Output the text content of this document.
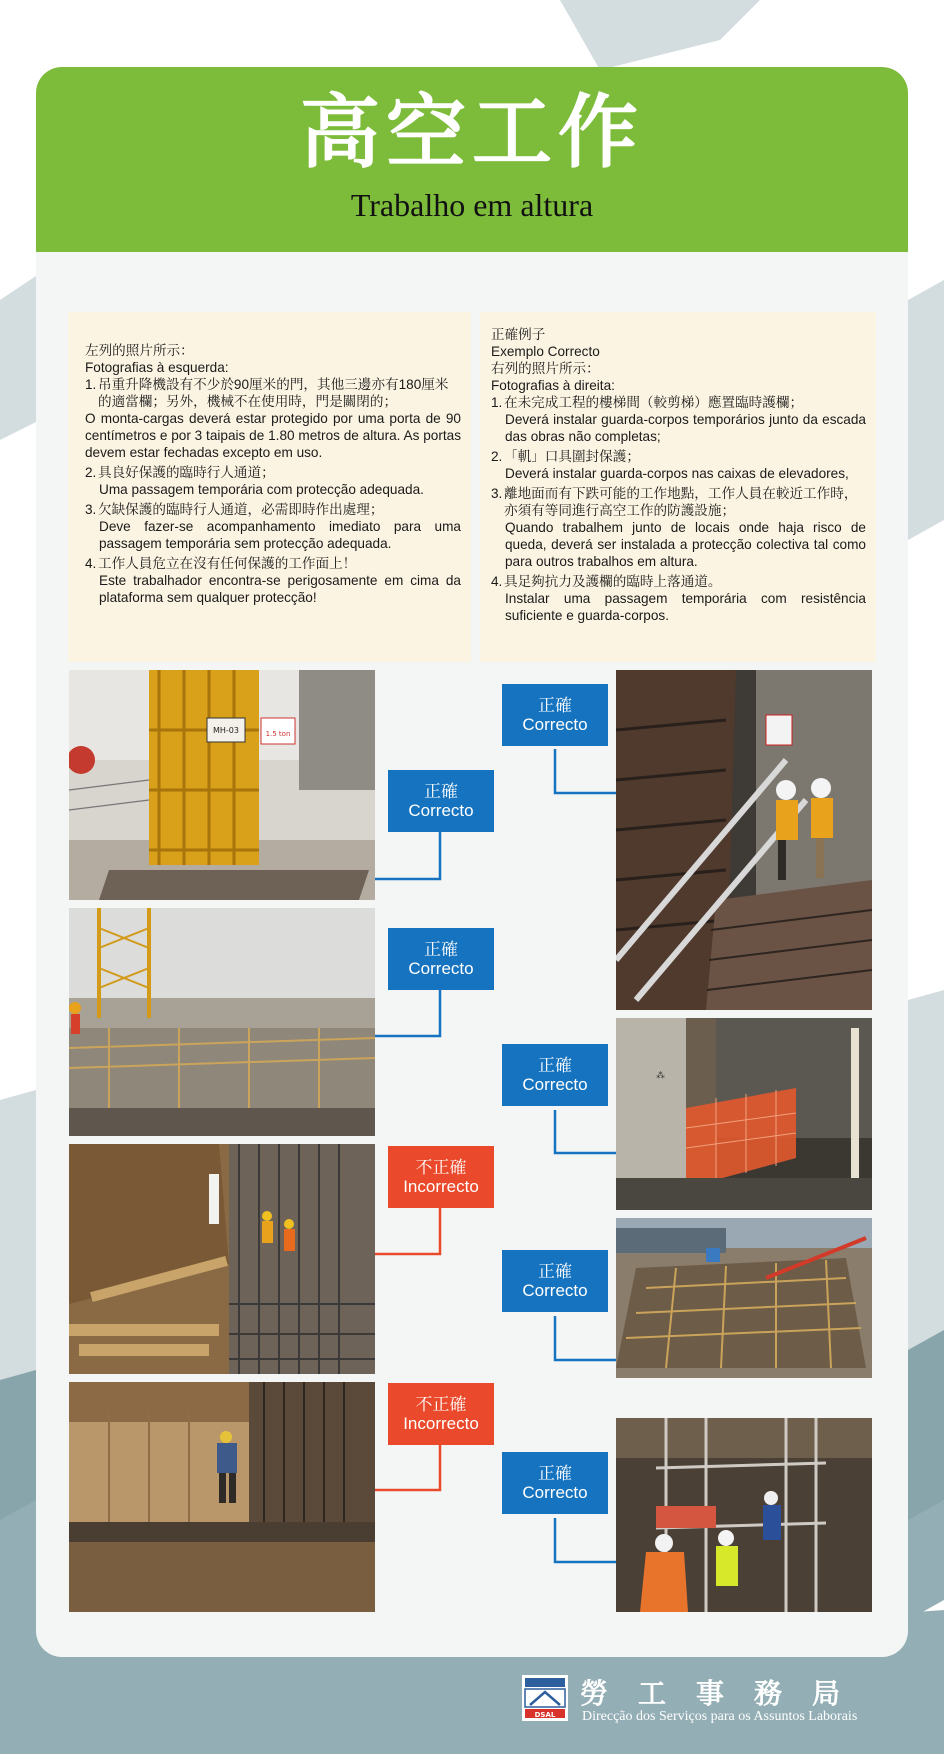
高空工作
Trabalho em altura
左列的照片所示：
Fotografias à esquerda:
1. 吊重升降機設有不少於90厘米的門，其他三邊亦有180厘米的適當欄；另外，機械不在使用時，門是關閉的；
O monta-cargas deverá estar protegido por uma porta de 90 centímetros e por 3 taipais de 1.80 metros de altura. As portas devem estar fechadas excepto em uso.
2. 具良好保護的臨時行人通道；
Uma passagem temporária com protecção adequada.
3. 欠缺保護的臨時行人通道，必需即時作出處理；
Deve fazer-se acompanhamento imediato para uma passagem temporária sem protecção adequada.
4. 工作人員危立在沒有任何保護的工作面上！
Este trabalhador encontra-se perigosamente em cima da plataforma sem qualquer protecção!
正確例子
Exemplo Correcto
右列的照片所示：
Fotografias à direita:
1. 在未完成工程的樓梯間（較剪梯）應置臨時護欄；
Deverá instalar guarda-corpos temporários junto da escada das obras não completas;
2. 「䡄」口具圍封保護；
Deverá instalar guarda-corpos nas caixas de elevadores,
3. 離地面而有下跌可能的工作地點，工作人員在較近工作時，亦須有等同進行高空工作的防護設施；
Quando trabalhem junto de locais onde haja risco de queda, deverá ser instalada a protecção colectiva tal como para outros trabalhos em altura.
4. 具足夠抗力及護欄的臨時上落通道。
Instalar uma passagem temporária com resistência suficiente e guarda-corpos.
MH-03	1.5 ton
⁂
正確
Correcto
正確
Correcto
不正確
Incorrecto
不正確
Incorrecto
正確
Correcto
正確
Correcto
正確
Correcto
正確
Correcto
DSAL
勞工事務局
Direcção dos Serviços para os Assuntos Laborais
